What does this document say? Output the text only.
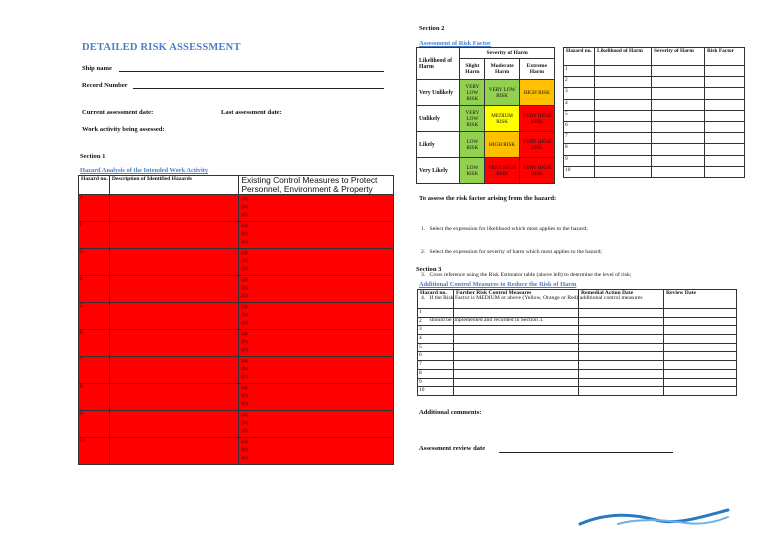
DETAILED RISK ASSESSMENT
Ship name
Record Number
Current assessment date:	Last assessment date:
Work activity being assessed:
Section 1
Hazard Analysis of the Intended Work Activity
Hazard no.	Description of Identified Hazards	Existing Control Measures to Protect Personnel, Environment & Property
1		(a)
(b)
(c)
2		(a)
(b)
(c)
3		(a)
(b)
(c)
4		(a)
(b)
(c)
5		(a)
(b)
(c)
6		(a)
(b)
(c)
7		(a)
(b)
(c)
8		(a)
(b)
(c)
9		(a)
(b)
(c)
10		(a)
(b)
(c)
Section 2
Assessment of Risk Factor
Likelihood of Harm	Severity of Harm		
	Slight Harm	Moderate Harm	Extreme Harm
Very Unlikely	VERY LOW RISK	VERY LOW RISK	HIGH RISK
Unlikely	VERY LOW RISK	MEDIUM RISK	VERY HIGH RISK
Likely	LOW RISK	HIGH RISK	VERY HIGH RISK
Very Likely	LOW RISK	VERY HIGH RISK	VERY HIGH RISK
Hazard no.	Likelihood of Harm	Severity of Harm	Risk Factor
1			
2			
3			
4			
5			
6			
7			
8			
9			
10			
To assess the risk factor arising from the hazard:

1.   Select the expression for likelihood which most applies to the hazard;

2.   Select the expression for severity of harm which most applies to the hazard;

3.   Cross reference using the Risk Estimator table (above left) to determine the level of risk;

4.   If the Risk Factor is MEDIUM or above (Yellow, Orange or Red) additional control measures

should be implemented and recorded in Section 3.

Section 3
Additional Control Measures to Reduce the Risk of Harm
Hazard no.	Further Risk Control Measures	Remedial Action Date	Review Date
1			
2			
3			
4			
5			
6			
7			
8			
9			
10			
Additional comments:
Assessment review date
